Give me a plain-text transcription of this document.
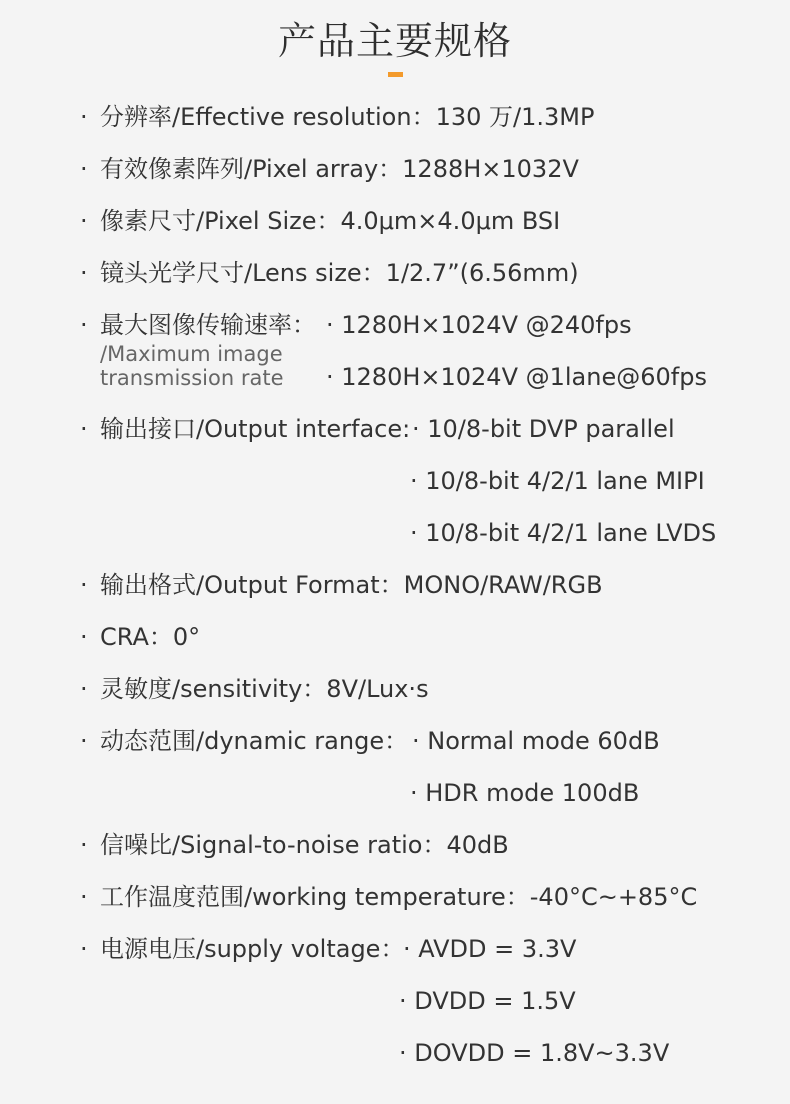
产品主要规格
· 分辨率/Effective resolution：130 万/1.3MP
· 有效像素阵列/Pixel array：1288H×1032V
· 像素尺寸/Pixel Size：4.0μm×4.0μm BSI
· 镜头光学尺寸/Lens size：1/2.7”(6.56mm)
· 最大图像传输速率： · 1280H×1024V @240fps
/Maximum image
transmission rate · 1280H×1024V @1lane@60fps
· 输出接口/Output interface: · 10/8-bit DVP parallel
· 10/8-bit 4/2/1 lane MIPI
· 10/8-bit 4/2/1 lane LVDS
· 输出格式/Output Format：MONO/RAW/RGB
· CRA：0°
· 灵敏度/sensitivity：8V/Lux·s
· 动态范围/dynamic range： · Normal mode 60dB
· HDR mode 100dB
· 信噪比/Signal-to-noise ratio：40dB
· 工作温度范围/working temperature：-40°C~+85°C
· 电源电压/supply voltage：
· AVDD = 3.3V
· DVDD = 1.5V
· DOVDD = 1.8V~3.3V
